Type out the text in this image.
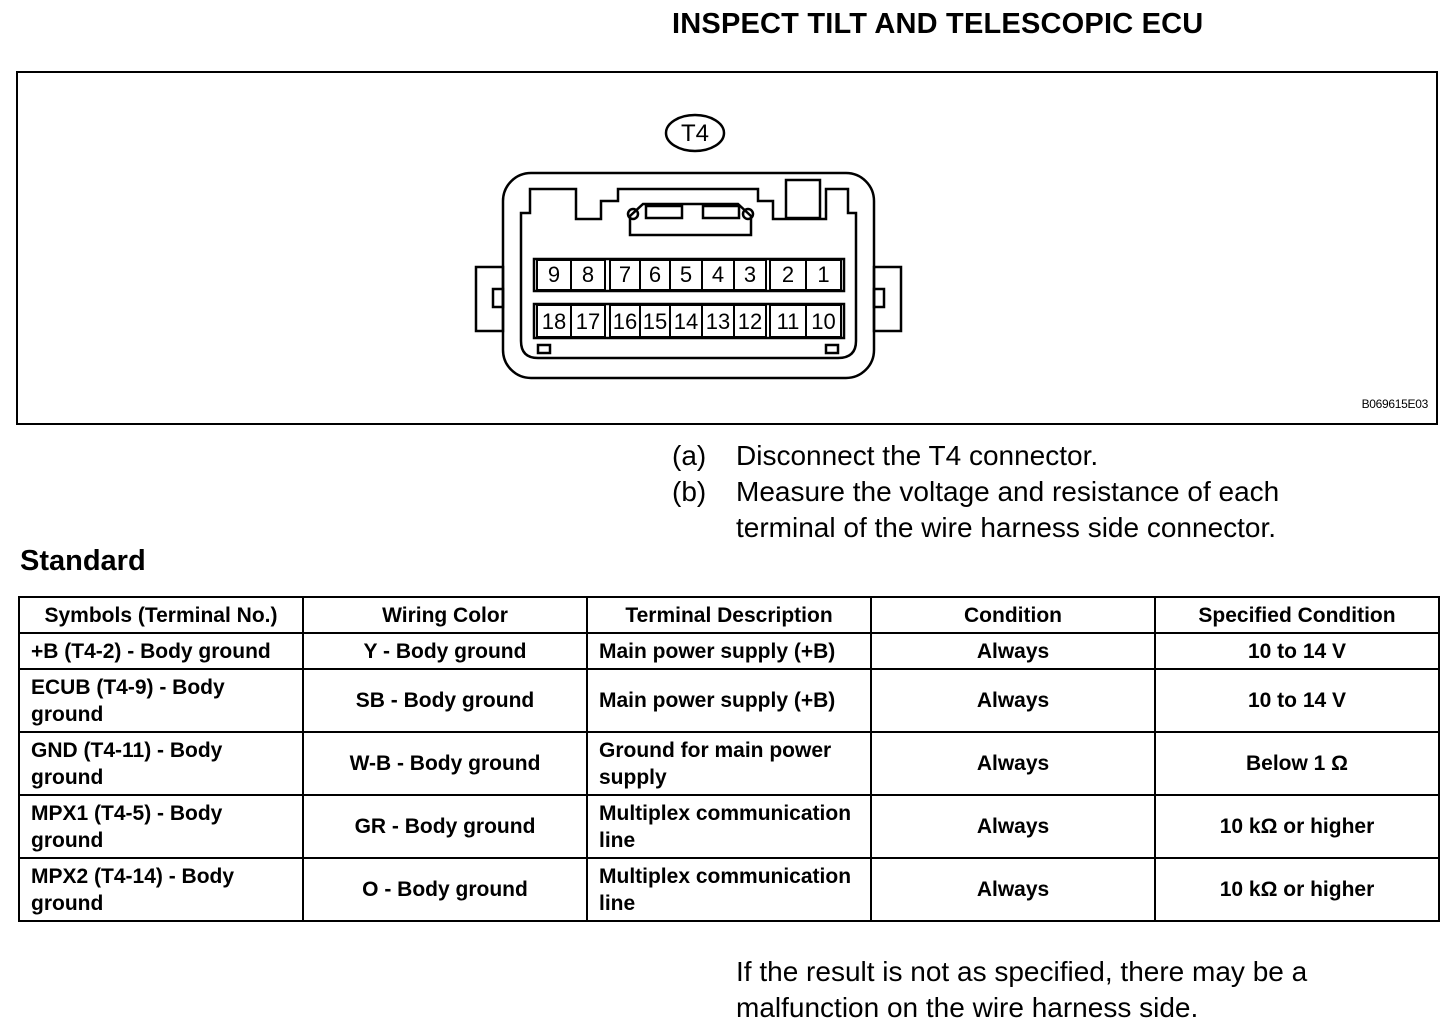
INSPECT TILT AND TELESCOPIC ECU
9 8 7 6 5 4 3 2 1
18 17 16 15 14 13 12 11 10
T4
B069615E03
(a)	Disconnect the T4 connector.
(b)	Measure the voltage and resistance of each terminal of the wire harness side connector.
Standard
Symbols (Terminal No.)	Wiring Color	Terminal Description	Condition	Specified Condition
+B (T4-2) - Body ground	Y - Body ground	Main power supply (+B)	Always	10 to 14 V
ECUB (T4-9) - Body ground	SB - Body ground	Main power supply (+B)	Always	10 to 14 V
GND (T4-11) - Body ground	W-B - Body ground	Ground for main power supply	Always	Below 1 Ω
MPX1 (T4-5) - Body ground	GR - Body ground	Multiplex communication line	Always	10 kΩ or higher
MPX2 (T4-14) - Body ground	O - Body ground	Multiplex communication line	Always	10 kΩ or higher
If the result is not as specified, there may be a malfunction on the wire harness side.
